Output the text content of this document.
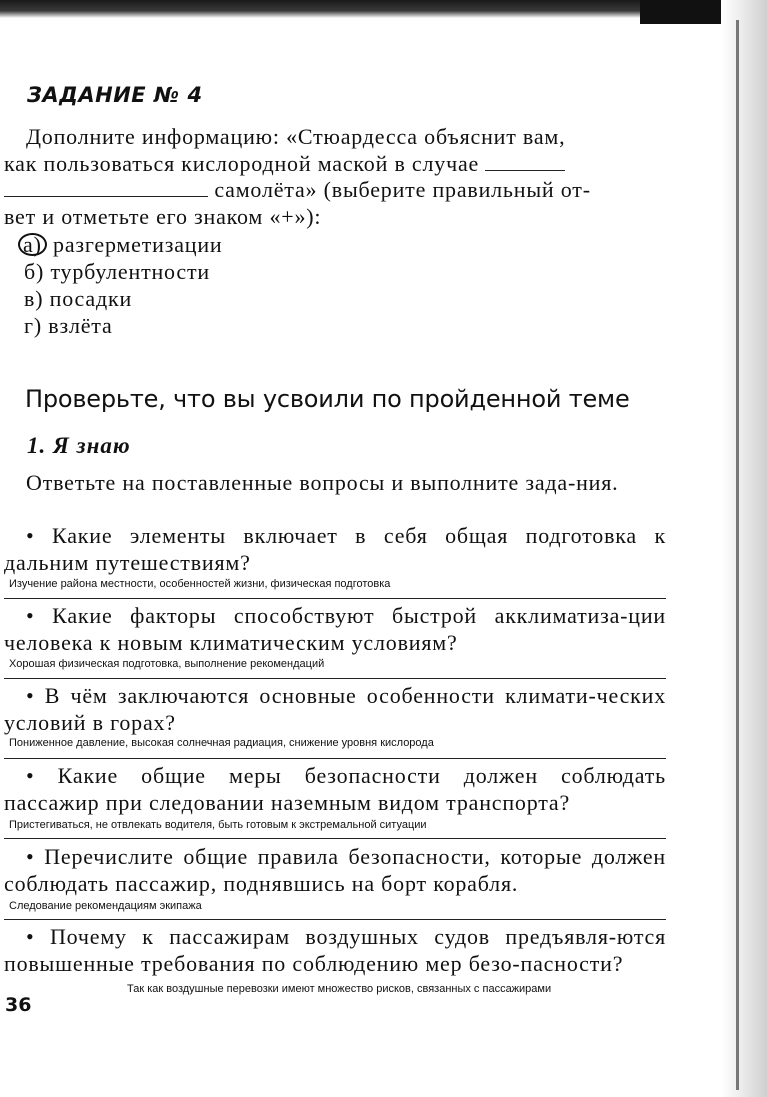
ЗАДАНИЕ № 4
Дополните информацию: «Стюардесса объяснит вам,
как пользоваться кислородной маской в случае
самолёта» (выберите правильный от-
вет и отметьте его знаком «+»):
а) разгерметизации
б) турбулентности
в) посадки
г) взлёта
Проверьте, что вы усвоили по пройденной теме
1. Я знаю
Ответьте на поставленные вопросы и выполните зада-ния.
• Какие элементы включает в себя общая подготовка к дальним путешествиям?
Изучение района местности, особенностей жизни, физическая подготовка
• Какие факторы способствуют быстрой акклиматиза-ции человека к новым климатическим условиям?
Хорошая физическая подготовка, выполнение рекомендаций
• В чём заключаются основные особенности климати-ческих условий в горах?
Пониженное давление, высокая солнечная радиация, снижение уровня кислорода
• Какие общие меры безопасности должен соблюдать пассажир при следовании наземным видом транспорта?
Пристегиваться, не отвлекать водителя, быть готовым к экстремальной ситуации
• Перечислите общие правила безопасности, которые должен соблюдать пассажир, поднявшись на борт корабля.
Следование рекомендациям экипажа
• Почему к пассажирам воздушных судов предъявля-ются повышенные требования по соблюдению мер безо-пасности?
Так как воздушные перевозки имеют множество рисков, связанных с пассажирами
36
